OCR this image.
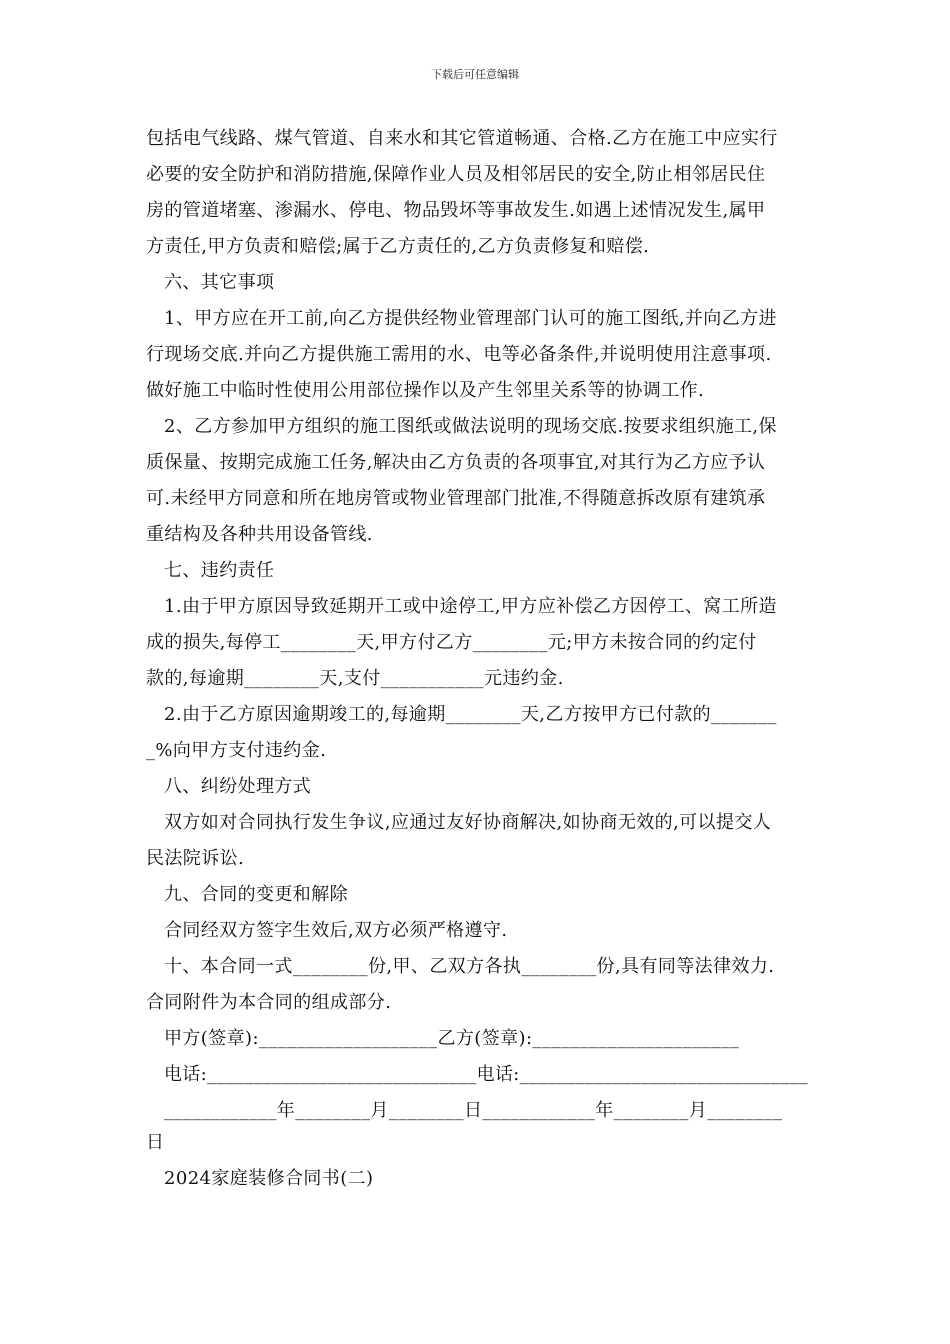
下载后可任意编辑
包括电气线路、煤气管道、自来水和其它管道畅通、合格.乙方在施工中应实行
必要的安全防护和消防措施,保障作业人员及相邻居民的安全,防止相邻居民住
房的管道堵塞、渗漏水、停电、物品毁坏等事故发生.如遇上述情况发生,属甲
方责任,甲方负责和赔偿;属于乙方责任的,乙方负责修复和赔偿.
六、其它事项
1、甲方应在开工前,向乙方提供经物业管理部门认可的施工图纸,并向乙方进
行现场交底.并向乙方提供施工需用的水、电等必备条件,并说明使用注意事项.
做好施工中临时性使用公用部位操作以及产生邻里关系等的协调工作.
2、乙方参加甲方组织的施工图纸或做法说明的现场交底.按要求组织施工,保
质保量、按期完成施工任务,解决由乙方负责的各项事宜,对其行为乙方应予认
可.未经甲方同意和所在地房管或物业管理部门批准,不得随意拆改原有建筑承
重结构及各种共用设备管线.
七、违约责任
1.由于甲方原因导致延期开工或中途停工,甲方应补偿乙方因停工、窝工所造
成的损失,每停工________天,甲方付乙方________元;甲方未按合同的约定付
款的,每逾期________天,支付___________元违约金.
2.由于乙方原因逾期竣工的,每逾期________天,乙方按甲方已付款的_______
_%向甲方支付违约金.
八、纠纷处理方式
双方如对合同执行发生争议,应通过友好协商解决,如协商无效的,可以提交人
民法院诉讼.
九、合同的变更和解除
合同经双方签字生效后,双方必须严格遵守.
十、本合同一式________份,甲、乙双方各执________份,具有同等法律效力.
合同附件为本合同的组成部分.
甲方(签章):___________________乙方(签章):______________________
电话:_____________________________电话:_______________________________
____________年________月________日____________年________月________
日
2024家庭装修合同书(二)
